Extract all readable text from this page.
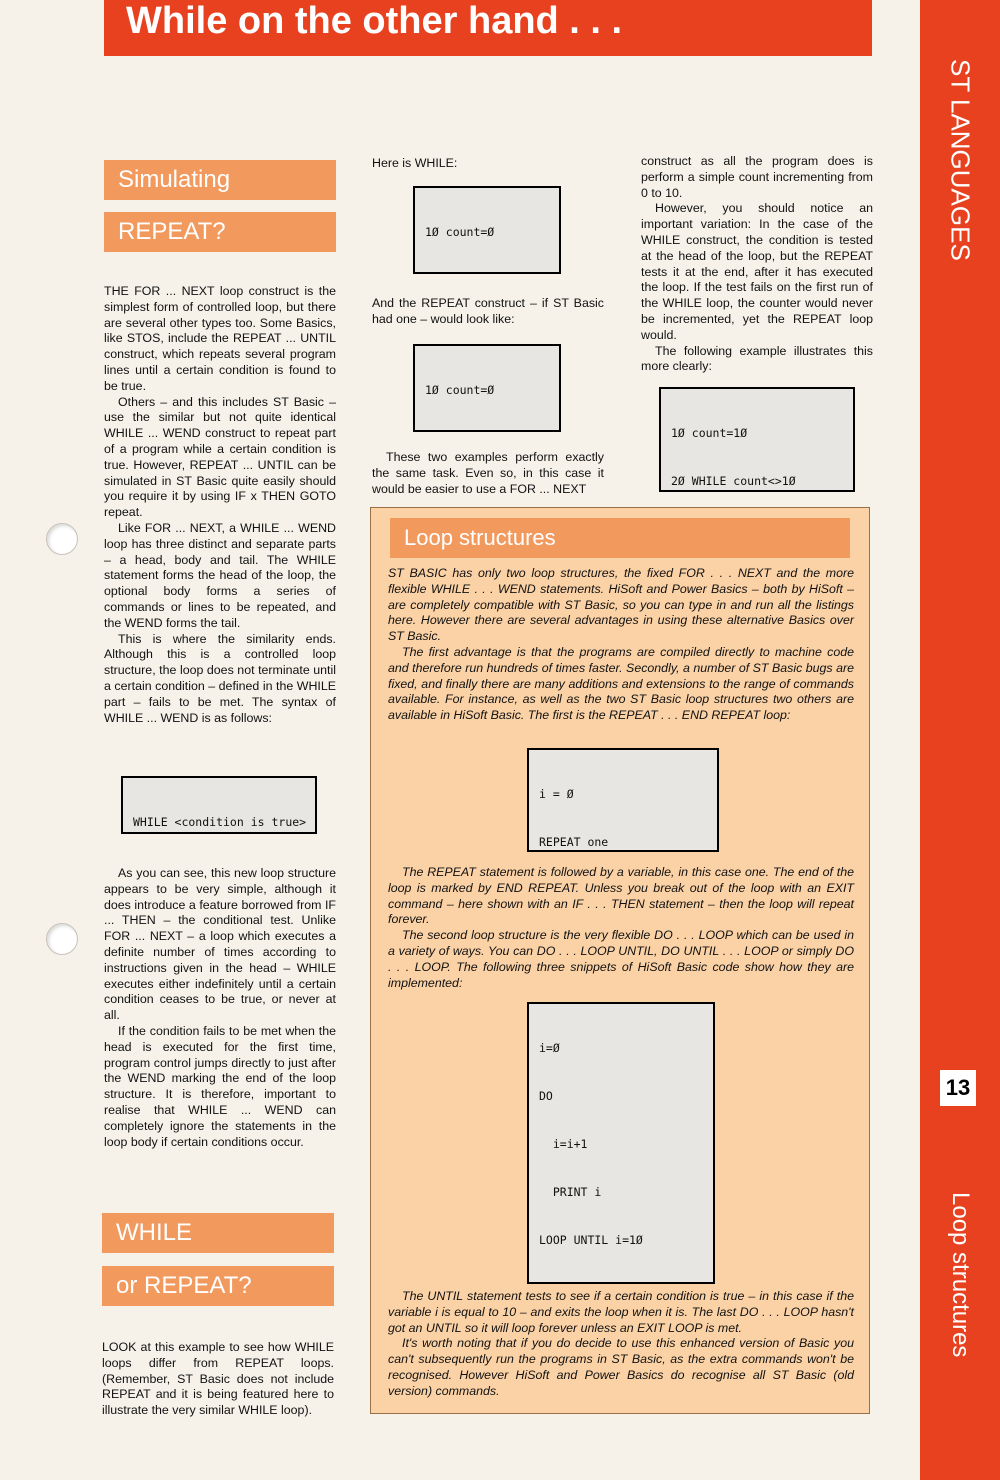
While on the other hand . . .
ST LANGUAGES
Loop structures
13
Simulating
REPEAT?

THE FOR ... NEXT loop construct is the simplest form of controlled loop, but there are several other types too. Some Basics, like STOS, include the REPEAT ... UNTIL construct, which repeats several program lines until a certain condition is found to be true.

Others – and this includes ST Basic – use the similar but not quite identical WHILE ... WEND construct to repeat part of a program while a certain condition is true. However, REPEAT ... UNTIL can be simulated in ST Basic quite easily should you require it by using IF x THEN GOTO repeat.

Like FOR ... NEXT, a WHILE ... WEND loop has three distinct and separate parts – a head, body and tail. The WHILE statement forms the head of the loop, the optional body forms a series of commands or lines to be repeated, and the WEND forms the tail.

This is where the similarity ends. Although this is a controlled loop structure, the loop does not terminate until a certain condition – defined in the WHILE part – fails to be met. The syntax of WHILE ... WEND is as follows:

WHILE <condition is true>

As you can see, this new loop structure appears to be very simple, although it does introduce a feature borrowed from IF ... THEN – the conditional test. Unlike FOR ... NEXT – a loop which executes a definite number of times according to instructions given in the head – WHILE executes either indefinitely until a certain condition ceases to be true, or never at all.

If the condition fails to be met when the head is executed for the first time, program control jumps directly to just after the WEND marking the end of the loop structure. It is therefore, important to realise that WHILE ... WEND can completely ignore the statements in the loop body if certain conditions occur.

WHILE
or REPEAT?

LOOK at this example to see how WHILE loops differ from REPEAT loops. (Remember, ST Basic does not include REPEAT and it is being featured here to illustrate the very similar WHILE loop).

Here is WHILE:

1Ø count=Ø

And the REPEAT construct – if ST Basic had one – would look like:

1Ø count=Ø

These two examples perform exactly the same task. Even so, in this case it would be easier to use a FOR ... NEXT

construct as all the program does is perform a simple count incrementing from 0 to 10.

However, you should notice an important variation: In the case of the WHILE construct, the condition is tested at the head of the loop, but the REPEAT tests it at the end, after it has executed the loop. If the test fails on the first run of the WHILE loop, the counter would never be incremented, yet the REPEAT loop would.

The following example illustrates this more clearly:

1Ø count=1Ø

2Ø WHILE count<>1Ø

Loop structures

ST BASIC has only two loop structures, the fixed FOR . . . NEXT and the more flexible WHILE . . . WEND statements. HiSoft and Power Basics – both by HiSoft – are completely compatible with ST Basic, so you can type in and run all the listings here. However there are several advantages in using these alternative Basics over ST Basic.

The first advantage is that the programs are compiled directly to machine code and therefore run hundreds of times faster. Secondly, a number of ST Basic bugs are fixed, and finally there are many additions and extensions to the range of commands available. For instance, as well as the two ST Basic loop structures two others are available in HiSoft Basic. The first is the REPEAT . . . END REPEAT loop:

i = Ø

REPEAT one

The REPEAT statement is followed by a variable, in this case one. The end of the loop is marked by END REPEAT. Unless you break out of the loop with an EXIT command – here shown with an IF . . . THEN statement – then the loop will repeat forever.

The second loop structure is the very flexible DO . . . LOOP which can be used in a variety of ways. You can DO . . . LOOP UNTIL, DO UNTIL . . . LOOP or simply DO . . . LOOP. The following three snippets of HiSoft Basic code show how they are implemented:

i=Ø

DO

i=i+1

PRINT i

LOOP UNTIL i=1Ø

The UNTIL statement tests to see if a certain condition is true – in this case if the variable i is equal to 10 – and exits the loop when it is. The last DO . . . LOOP hasn't got an UNTIL so it will loop forever unless an EXIT LOOP is met.

It's worth noting that if you do decide to use this enhanced version of Basic you can't subsequently run the programs in ST Basic, as the extra commands won't be recognised. However HiSoft and Power Basics do recognise all ST Basic (old version) commands.
